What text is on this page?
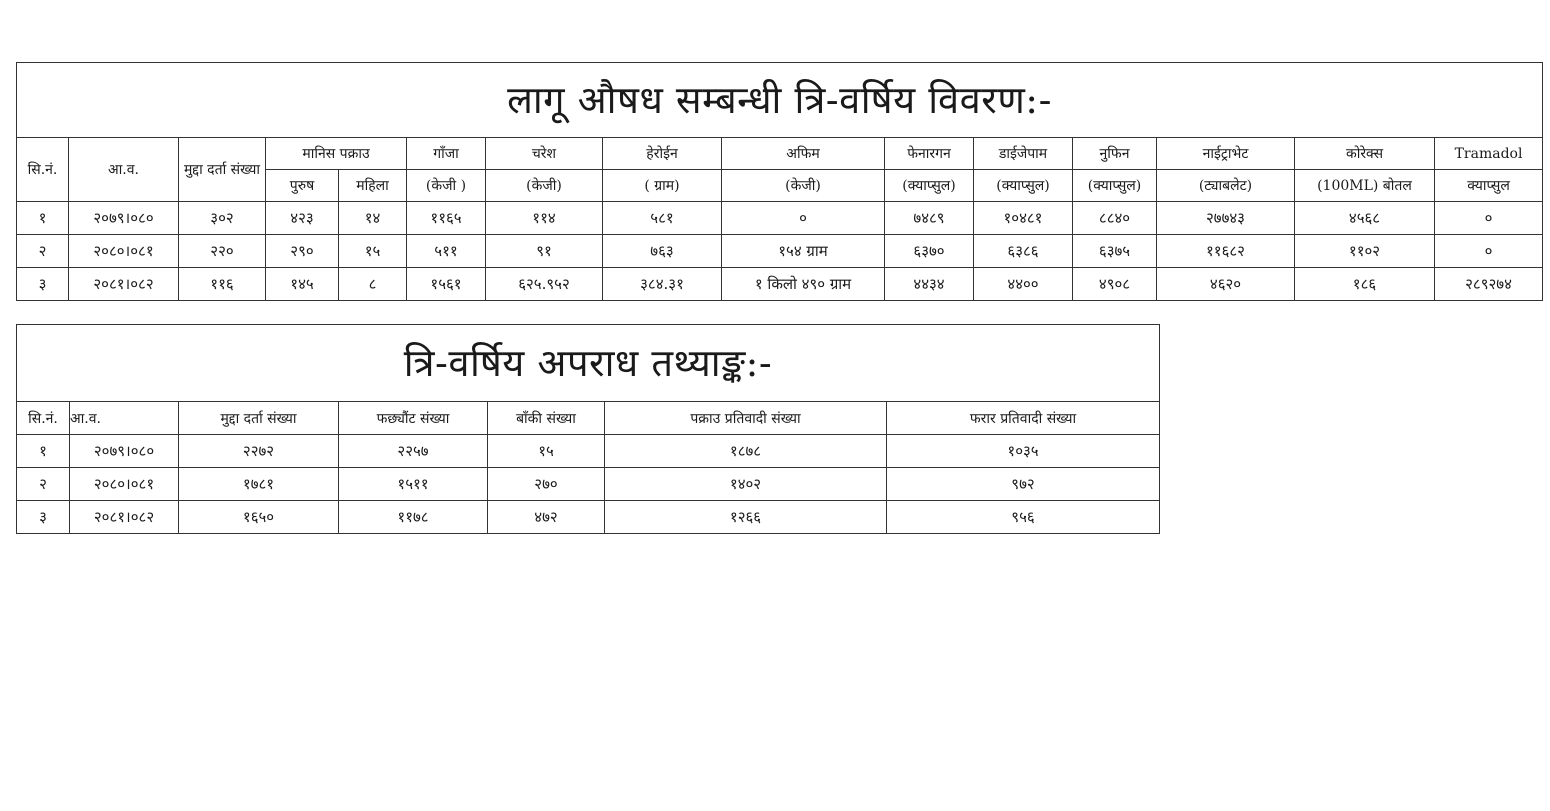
लागू औषध सम्बन्धी त्रि-वर्षिय विवरण:-														
सि.नं.	आ.व.	मुद्दा दर्ता संख्या	मानिस पक्राउ		गाँजा	चरेश	हेरोईन	अफिम	फेनारगन	डाईजेपाम	नुफिन	नाईट्राभेट	कोरेक्स	Tramadol
			पुरुष	महिला	(केजी )	(केजी)	( ग्राम)	(केजी)	(क्याप्सुल)	(क्याप्सुल)	(क्याप्सुल)	(ट्याबलेट)	(100ML) बोतल	क्याप्सुल
१	२०७९।०८०	३०२	४२३	१४	११६५	११४	५८१	०	७४८९	१०४८१	८८४०	२७७४३	४५६८	०
२	२०८०।०८१	२२०	२९०	१५	५११	९१	७६३	१५४ ग्राम	६३७०	६३८६	६३७५	११६८२	११०२	०
३	२०८१।०८२	११६	१४५	८	१५६१	६२५.९५२	३८४.३१	१ किलो ४९० ग्राम	४४३४	४४००	४९०८	४६२०	१८६	२८९२७४
त्रि-वर्षिय अपराध तथ्याङ्क:-						
सि.नं.	आ.व.	मुद्दा दर्ता संख्या	फछ्यौंट संख्या	बाँकी संख्या	पक्राउ प्रतिवादी संख्या	फरार प्रतिवादी संख्या
१	२०७९।०८०	२२७२	२२५७	१५	१८७८	१०३५
२	२०८०।०८१	१७८१	१५११	२७०	१४०२	९७२
३	२०८१।०८२	१६५०	११७८	४७२	१२६६	९५६
